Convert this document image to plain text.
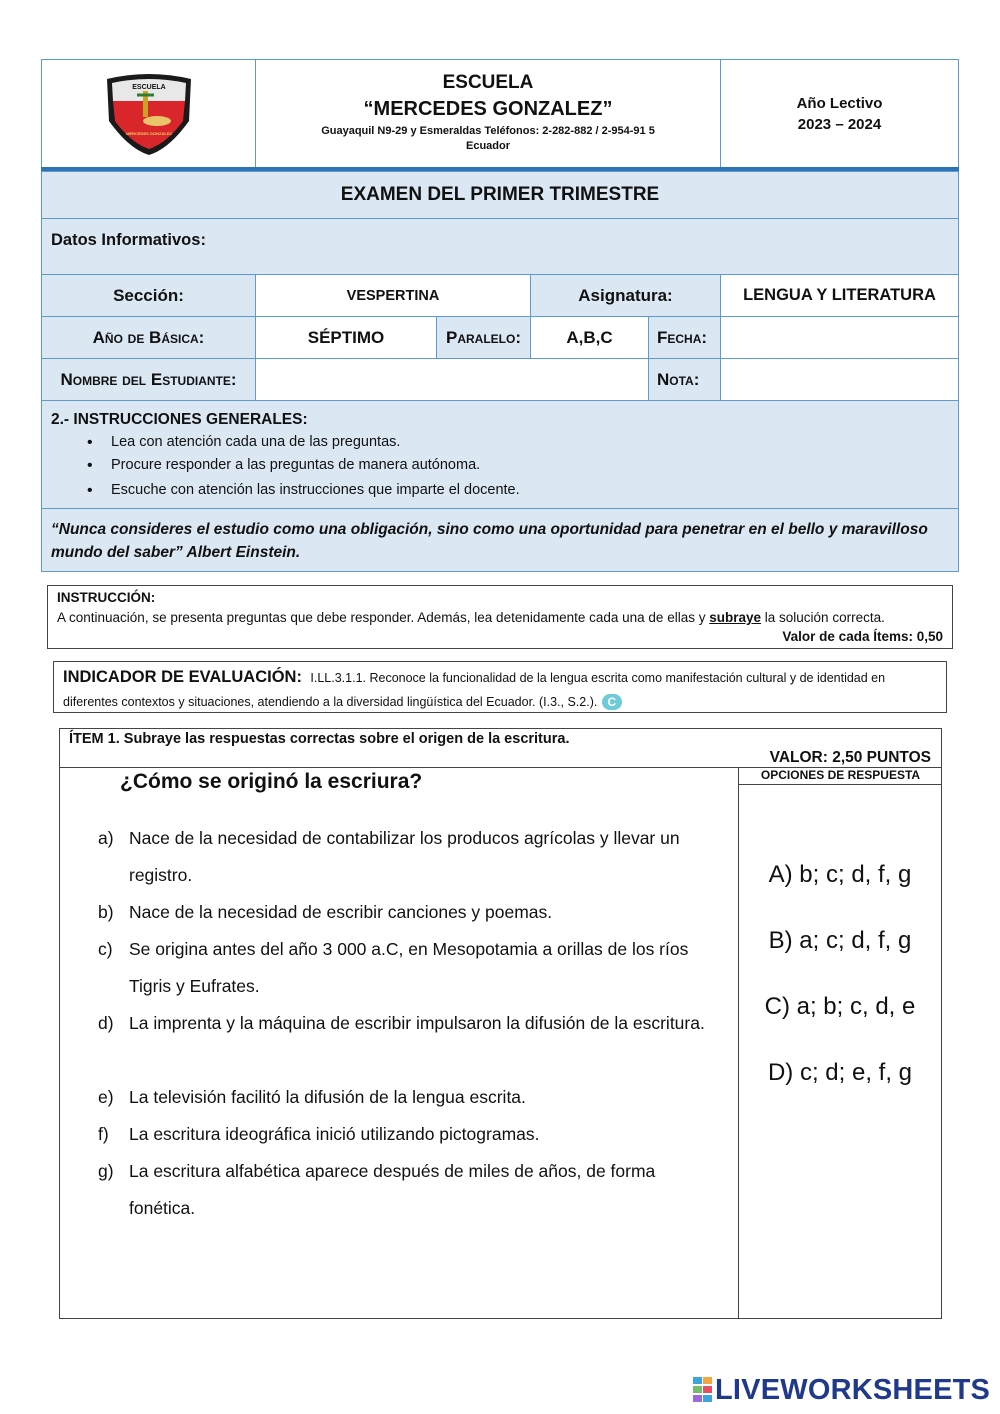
ESCUELA
MERCEDES GONZALEZ
ESCUELA
“MERCEDES GONZALEZ”
Guayaquil N9-29 y Esmeraldas Teléfonos: 2-282-882 / 2-954-91 5
Ecuador
Año Lectivo
2023 – 2024
EXAMEN DEL PRIMER TRIMESTRE
Datos Informativos:
Sección:	VESPERTINA	Asignatura:	LENGUA Y LITERATURA
Año de Básica:	SÉPTIMO	Paralelo:	A,B,C	Fecha:
Nombre del Estudiante:	Nota:
2.- INSTRUCCIONES GENERALES:
• Lea con atención cada una de las preguntas.
• Procure responder a las preguntas de manera autónoma.
• Escuche con atención las instrucciones que imparte el docente.
“Nunca consideres el estudio como una obligación, sino como una oportunidad para penetrar en el bello y maravilloso mundo del saber” Albert Einstein.
INSTRUCCIÓN:
A continuación, se presenta preguntas que debe responder. Además, lea detenidamente cada una de ellas y subraye la solución correcta.
Valor de cada Ítems: 0,50
INDICADOR DE EVALUACIÓN: I.LL.3.1.1. Reconoce la funcionalidad de la lengua escrita como manifestación cultural y de identidad en diferentes contextos y situaciones, atendiendo a la diversidad lingüística del Ecuador. (I.3., S.2.). C
ÍTEM 1. Subraye las respuestas correctas sobre el origen de la escritura.
VALOR: 2,50 PUNTOS
OPCIONES DE RESPUESTA
¿Cómo se originó la escriura?
a) Nace de la necesidad de contabilizar los producos agrícolas y llevar un registro.
b) Nace de la necesidad de escribir canciones y poemas.
c) Se origina antes del año 3 000 a.C, en Mesopotamia a orillas de los ríos Tigris y Eufrates.
d) La imprenta y la máquina de escribir impulsaron la difusión de la escritura.
e) La televisión facilitó la difusión de la lengua escrita.
f) La escritura ideográfica inició utilizando pictogramas.
g) La escritura alfabética aparece después de miles de años, de forma fonética.
A) b; c; d, f, g
B) a; c; d, f, g
C) a; b; c, d, e
D) c; d; e, f, g
LIVEWORKSHEETS
